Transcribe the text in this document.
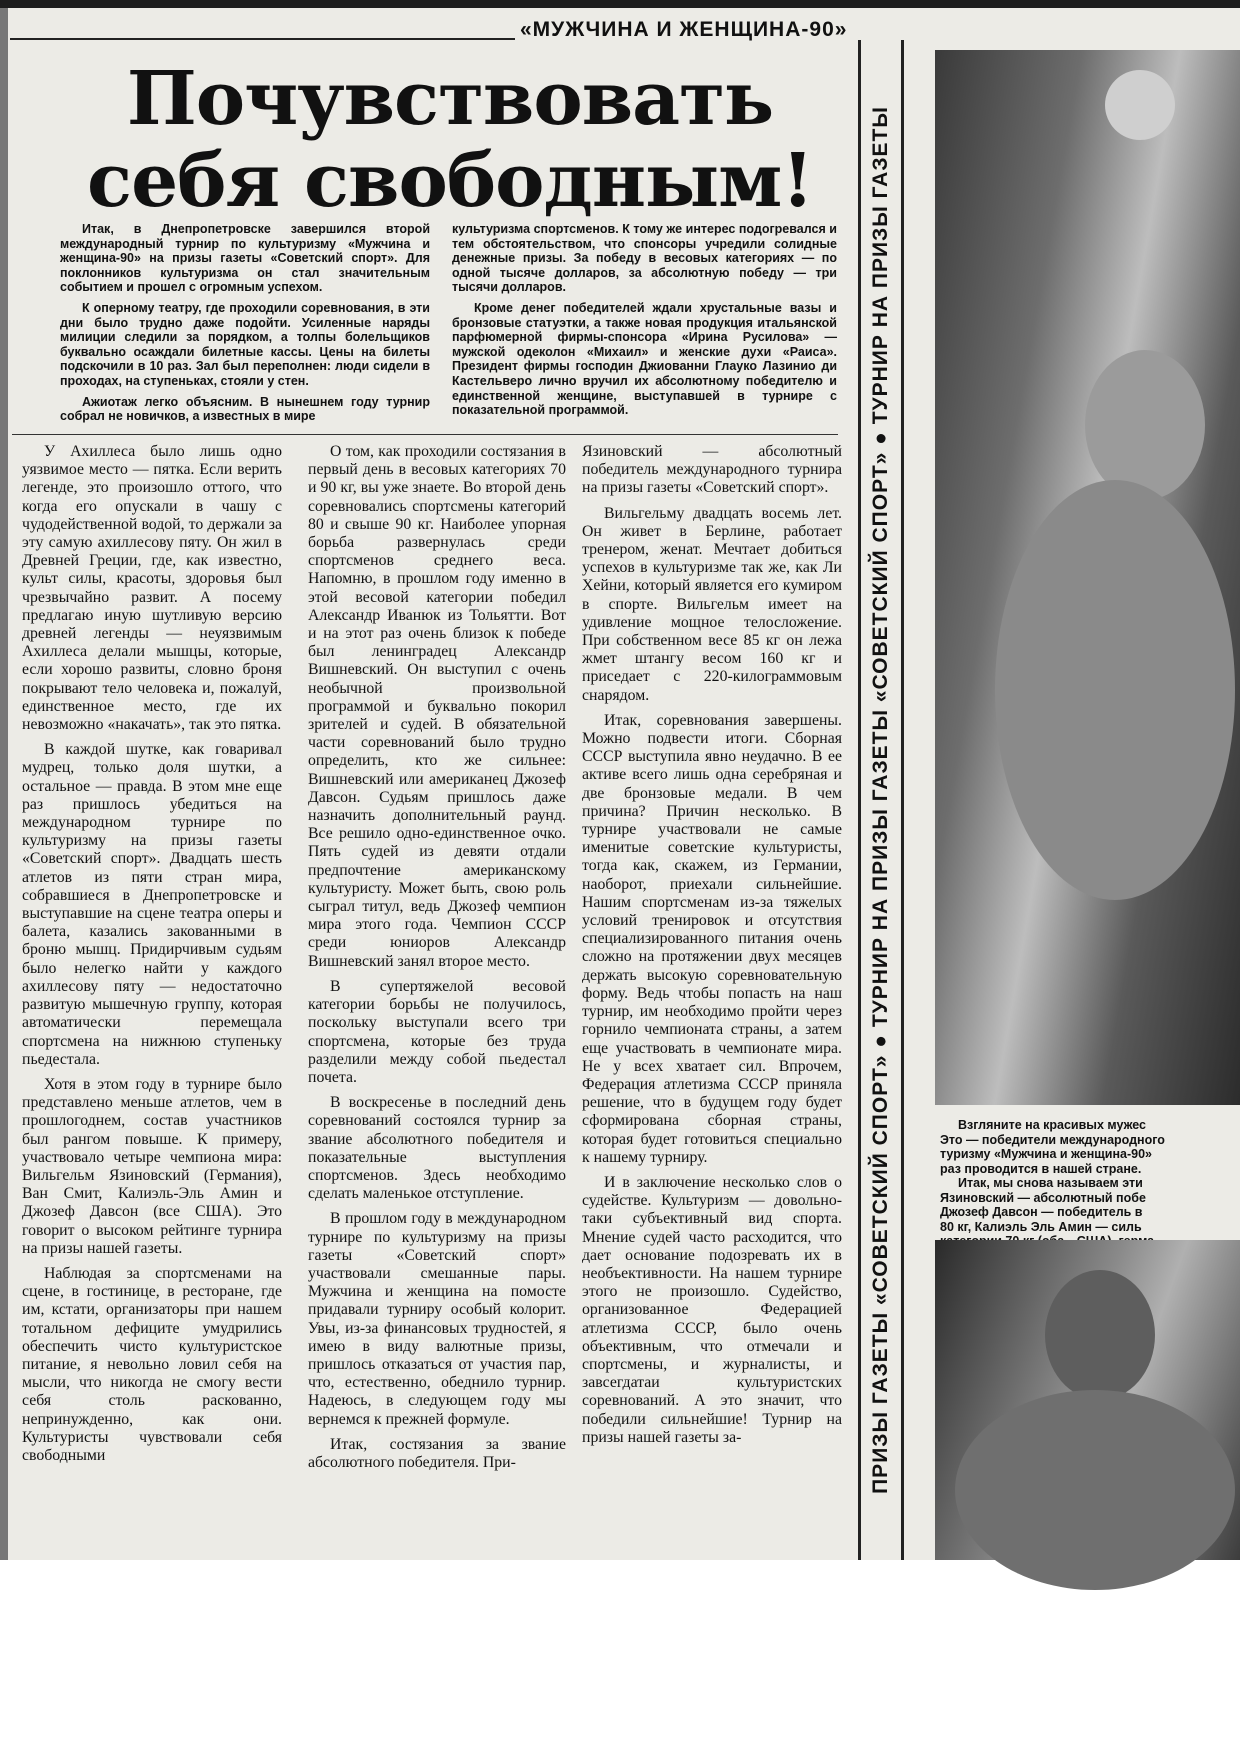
«МУЖЧИНА И ЖЕНЩИНА-90»
Почувствовать
себя свободным!

Итак, в Днепропетровске завершился второй международный турнир по культуризму «Мужчина и женщина-90» на призы газеты «Советский спорт». Для поклонников культуризма он стал значительным событием и прошел с огромным успехом.

К оперному театру, где проходили соревнования, в эти дни было трудно даже подойти. Усиленные наряды милиции следили за порядком, а толпы болельщиков буквально осаждали билетные кассы. Цены на билеты подскочили в 10 раз. Зал был переполнен: люди сидели в проходах, на ступеньках, стояли у стен.

Ажиотаж легко объясним. В нынешнем году турнир собрал не новичков, а известных в мире

культуризма спортсменов. К тому же интерес подогревался и тем обстоятельством, что спонсоры учредили солидные денежные призы. За победу в весовых категориях — по одной тысяче долларов, за абсолютную победу — три тысячи долларов.

Кроме денег победителей ждали хрустальные вазы и бронзовые статуэтки, а также новая продукция итальянской парфюмерной фирмы-спонсора «Ирина Русилова» — мужской одеколон «Михаил» и женские духи «Раиса». Президент фирмы господин Джиованни Глауко Лазинио ди Кастельверо лично вручил их абсолютному победителю и единственной женщине, выступавшей в турнире с показательной программой.

У Ахиллеса было лишь одно уязвимое место — пятка. Если верить легенде, это произошло оттого, что когда его опускали в чашу с чудодейственной водой, то держали за эту самую ахиллесову пяту. Он жил в Древней Греции, где, как известно, культ силы, красоты, здоровья был чрезвычайно развит. А посему предлагаю иную шутливую версию древней легенды — неуязвимым Ахиллеса делали мышцы, которые, если хорошо развиты, словно броня покрывают тело человека и, пожалуй, единственное место, где их невозможно «накачать», так это пятка.

В каждой шутке, как говаривал мудрец, только доля шутки, а остальное — правда. В этом мне еще раз пришлось убедиться на международном турнире по культуризму на призы газеты «Советский спорт». Двадцать шесть атлетов из пяти стран мира, собравшиеся в Днепропетровске и выступавшие на сцене театра оперы и балета, казались закованными в броню мышц. Придирчивым судьям было нелегко найти у каждого ахиллесову пяту — недостаточно развитую мышечную группу, которая автоматически перемещала спортсмена на нижнюю ступеньку пьедестала.

Хотя в этом году в турнире было представлено меньше атлетов, чем в прошлогоднем, состав участников был рангом повыше. К примеру, участвовало четыре чемпиона мира: Вильгельм Язиновский (Германия), Ван Смит, Калиэль-Эль Амин и Джозеф Давсон (все США). Это говорит о высоком рейтинге турнира на призы нашей газеты.

Наблюдая за спортсменами на сцене, в гостинице, в ресторане, где им, кстати, организаторы при нашем тотальном дефиците умудрились обеспечить чисто культуристское питание, я невольно ловил себя на мысли, что никогда не смогу вести себя столь раскованно, непринужденно, как они. Культуристы чувствовали себя свободными

О том, как проходили состязания в первый день в весовых категориях 70 и 90 кг, вы уже знаете. Во второй день соревновались спортсмены категорий 80 и свыше 90 кг. Наиболее упорная борьба развернулась среди спортсменов среднего веса. Напомню, в прошлом году именно в этой весовой категории победил Александр Иванюк из Тольятти. Вот и на этот раз очень близок к победе был ленинградец Александр Вишневский. Он выступил с очень необычной произвольной программой и буквально покорил зрителей и судей. В обязательной части соревнований было трудно определить, кто же сильнее: Вишневский или американец Джозеф Давсон. Судьям пришлось даже назначить дополнительный раунд. Все решило одно-единственное очко. Пять судей из девяти отдали предпочтение американскому культуристу. Может быть, свою роль сыграл титул, ведь Джозеф чемпион мира этого года. Чемпион СССР среди юниоров Александр Вишневский занял второе место.

В супертяжелой весовой категории борьбы не получилось, поскольку выступали всего три спортсмена, которые без труда разделили между собой пьедестал почета.

В воскресенье в последний день соревнований состоялся турнир за звание абсолютного победителя и показательные выступления спортсменов. Здесь необходимо сделать маленькое отступление.

В прошлом году в международном турнире по культуризму на призы газеты «Советский спорт» участвовали смешанные пары. Мужчина и женщина на помосте придавали турниру особый колорит. Увы, из-за финансовых трудностей, я имею в виду валютные призы, пришлось отказаться от участия пар, что, естественно, обеднило турнир. Надеюсь, в следующем году мы вернемся к прежней формуле.

Итак, состязания за звание абсолютного победителя. При-

Язиновский — абсолютный победитель международного турнира на призы газеты «Советский спорт».

Вильгельму двадцать восемь лет. Он живет в Берлине, работает тренером, женат. Мечтает добиться успехов в культуризме так же, как Ли Хейни, который является его кумиром в спорте. Вильгельм имеет на удивление мощное телосложение. При собственном весе 85 кг он лежа жмет штангу весом 160 кг и приседает с 220-килограммовым снарядом.

Итак, соревнования завершены. Можно подвести итоги. Сборная СССР выступила явно неудачно. В ее активе всего лишь одна серебряная и две бронзовые медали. В чем причина? Причин несколько. В турнире участвовали не самые именитые советские культуристы, тогда как, скажем, из Германии, наоборот, приехали сильнейшие. Нашим спортсменам из-за тяжелых условий тренировок и отсутствия специализированного питания очень сложно на протяжении двух месяцев держать высокую соревновательную форму. Ведь чтобы попасть на наш турнир, им необходимо пройти через горнило чемпионата страны, а затем еще участвовать в чемпионате мира. Не у всех хватает сил. Впрочем, Федерация атлетизма СССР приняла решение, что в будущем году будет сформирована сборная страны, которая будет готовиться специально к нашему турниру.

И в заключение несколько слов о судействе. Культуризм — довольно-таки субъективный вид спорта. Мнение судей часто расходится, что дает основание подозревать их в необъективности. На нашем турнире этого не произошло. Судейство, организованное Федерацией атлетизма СССР, было очень объективным, что отмечали и спортсмены, и журналисты, и завсегдатаи культуристских соревнований. А это значит, что победили сильнейшие! Турнир на призы нашей газеты за-	ПРИЗЫ ГАЗЕТЫ «СОВЕТСКИЙ СПОРТ» ● ТУРНИР НА ПРИЗЫ ГАЗЕТЫ «СОВЕТСКИЙ СПОРТ» ● ТУРНИР НА ПРИЗЫ ГАЗЕТЫ	Взгляните на красивых мужес

Это — победители международного

туризму «Мужчина и женщина-90»

раз проводится в нашей стране.

Итак, мы снова называем эти

Язиновский — абсолютный побе

Джозеф Давсон — победитель в

80 кг, Калиэль Эль Амин — силь
